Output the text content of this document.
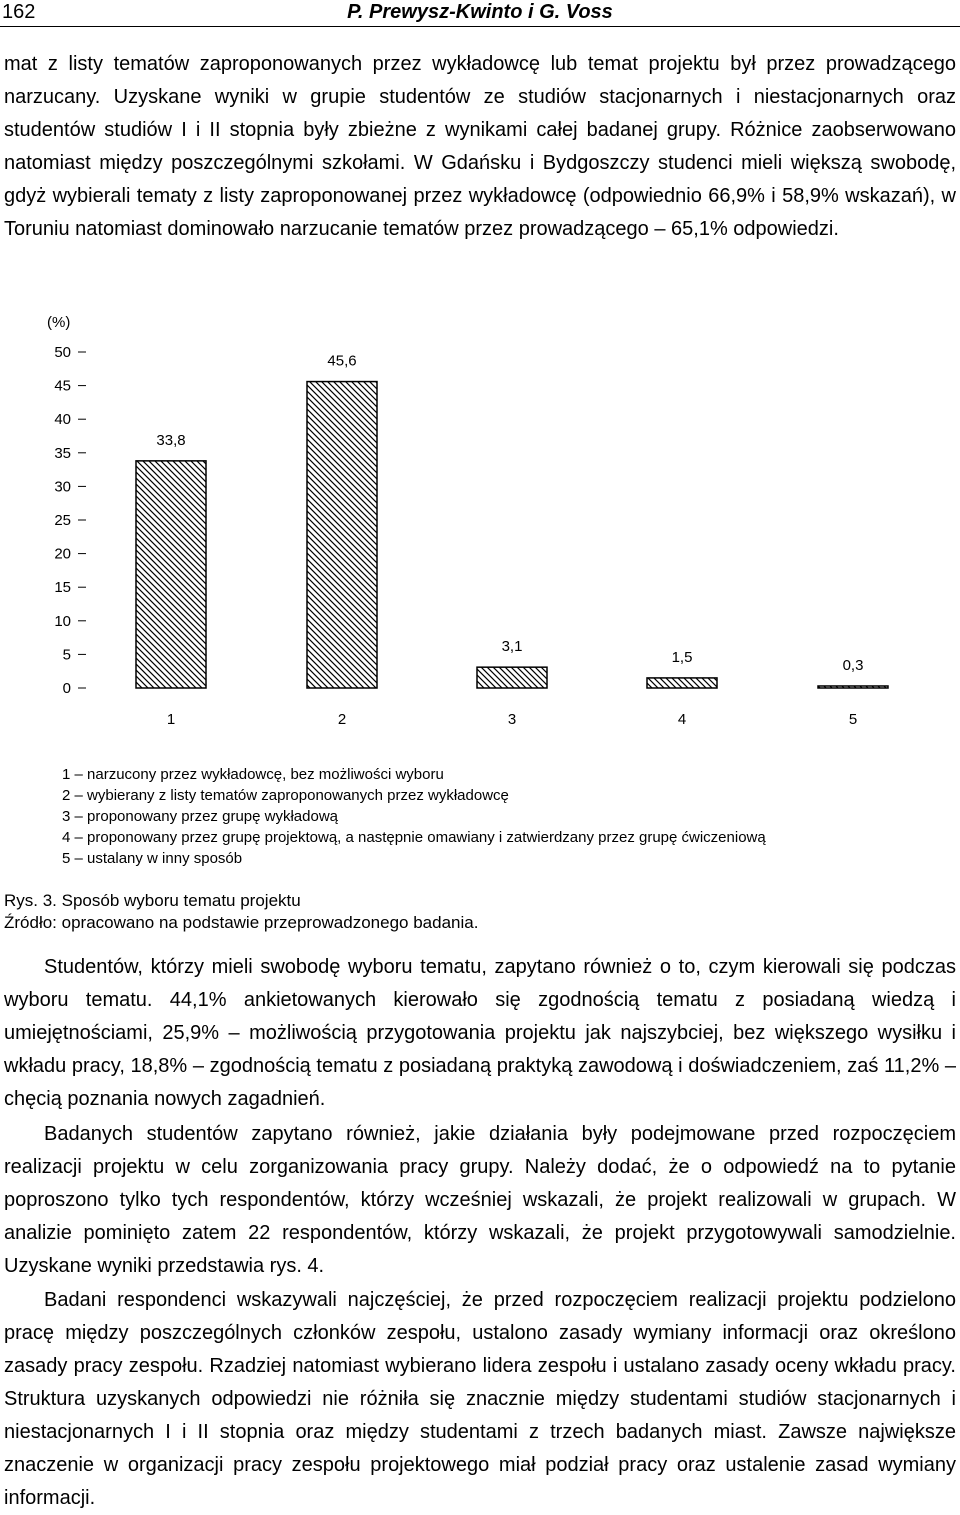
162	P. Prewysz-Kwinto i G. Voss

mat z listy tematów zaproponowanych przez wykładowcę lub temat projektu był przez prowadzącego narzucany. Uzyskane wyniki w grupie studentów ze studiów stacjonarnych i niestacjonarnych oraz studentów studiów I i II stopnia były zbieżne z wynikami całej badanej grupy. Różnice zaobserwowano natomiast między poszczególnymi szkołami. W Gdańsku i Bydgoszczy studenci mieli większą swobodę, gdyż wybierali tematy z listy zaproponowanej przez wykładowcę (odpowiednio 66,9% i 58,9% wskazań), w Toruniu natomiast dominowało narzucanie tematów przez prowadzącego – 65,1% odpowiedzi.

(%)
0
5
10
15
20
25
30
35
40
45
50
33,8
45,6
3,1
1,5	0,3
1	2	3	4	5
1 – narzucony przez wykładowcę, bez możliwości wyboru
2 – wybierany z listy tematów zaproponowanych przez wykładowcę
3 – proponowany przez grupę wykładową
4 – proponowany przez grupę projektową, a następnie omawiany i zatwierdzany przez grupę ćwiczeniową
5 – ustalany w inny sposób
Rys. 3. Sposób wyboru tematu projektu
Źródło: opracowano na podstawie przeprowadzonego badania.

Studentów, którzy mieli swobodę wyboru tematu, zapytano również o to, czym kierowali się podczas wyboru tematu. 44,1% ankietowanych kierowało się zgodnością tematu z posiadaną wiedzą i umiejętnościami, 25,9% – możliwością przygotowania projektu jak najszybciej, bez większego wysiłku i wkładu pracy, 18,8% – zgodnością tematu z posiadaną praktyką zawodową i doświadczeniem, zaś 11,2% – chęcią poznania nowych zagadnień.

Badanych studentów zapytano również, jakie działania były podejmowane przed rozpoczęciem realizacji projektu w celu zorganizowania pracy grupy. Należy dodać, że o odpowiedź na to pytanie poproszono tylko tych respondentów, którzy wcześniej wskazali, że projekt realizowali w grupach. W analizie pominięto zatem 22 respondentów, którzy wskazali, że projekt przygotowywali samodzielnie. Uzyskane wyniki przedstawia rys. 4.

Badani respondenci wskazywali najczęściej, że przed rozpoczęciem realizacji projektu podzielono pracę między poszczególnych członków zespołu, ustalono zasady wymiany informacji oraz określono zasady pracy zespołu. Rzadziej natomiast wybierano lidera zespołu i ustalano zasady oceny wkładu pracy. Struktura uzyskanych odpowiedzi nie różniła się znacznie między studentami studiów stacjonarnych i niestacjonarnych I i II stopnia oraz między studentami z trzech badanych miast. Zawsze największe znaczenie w organizacji pracy zespołu projektowego miał podział pracy oraz ustalenie zasad wymiany informacji.
